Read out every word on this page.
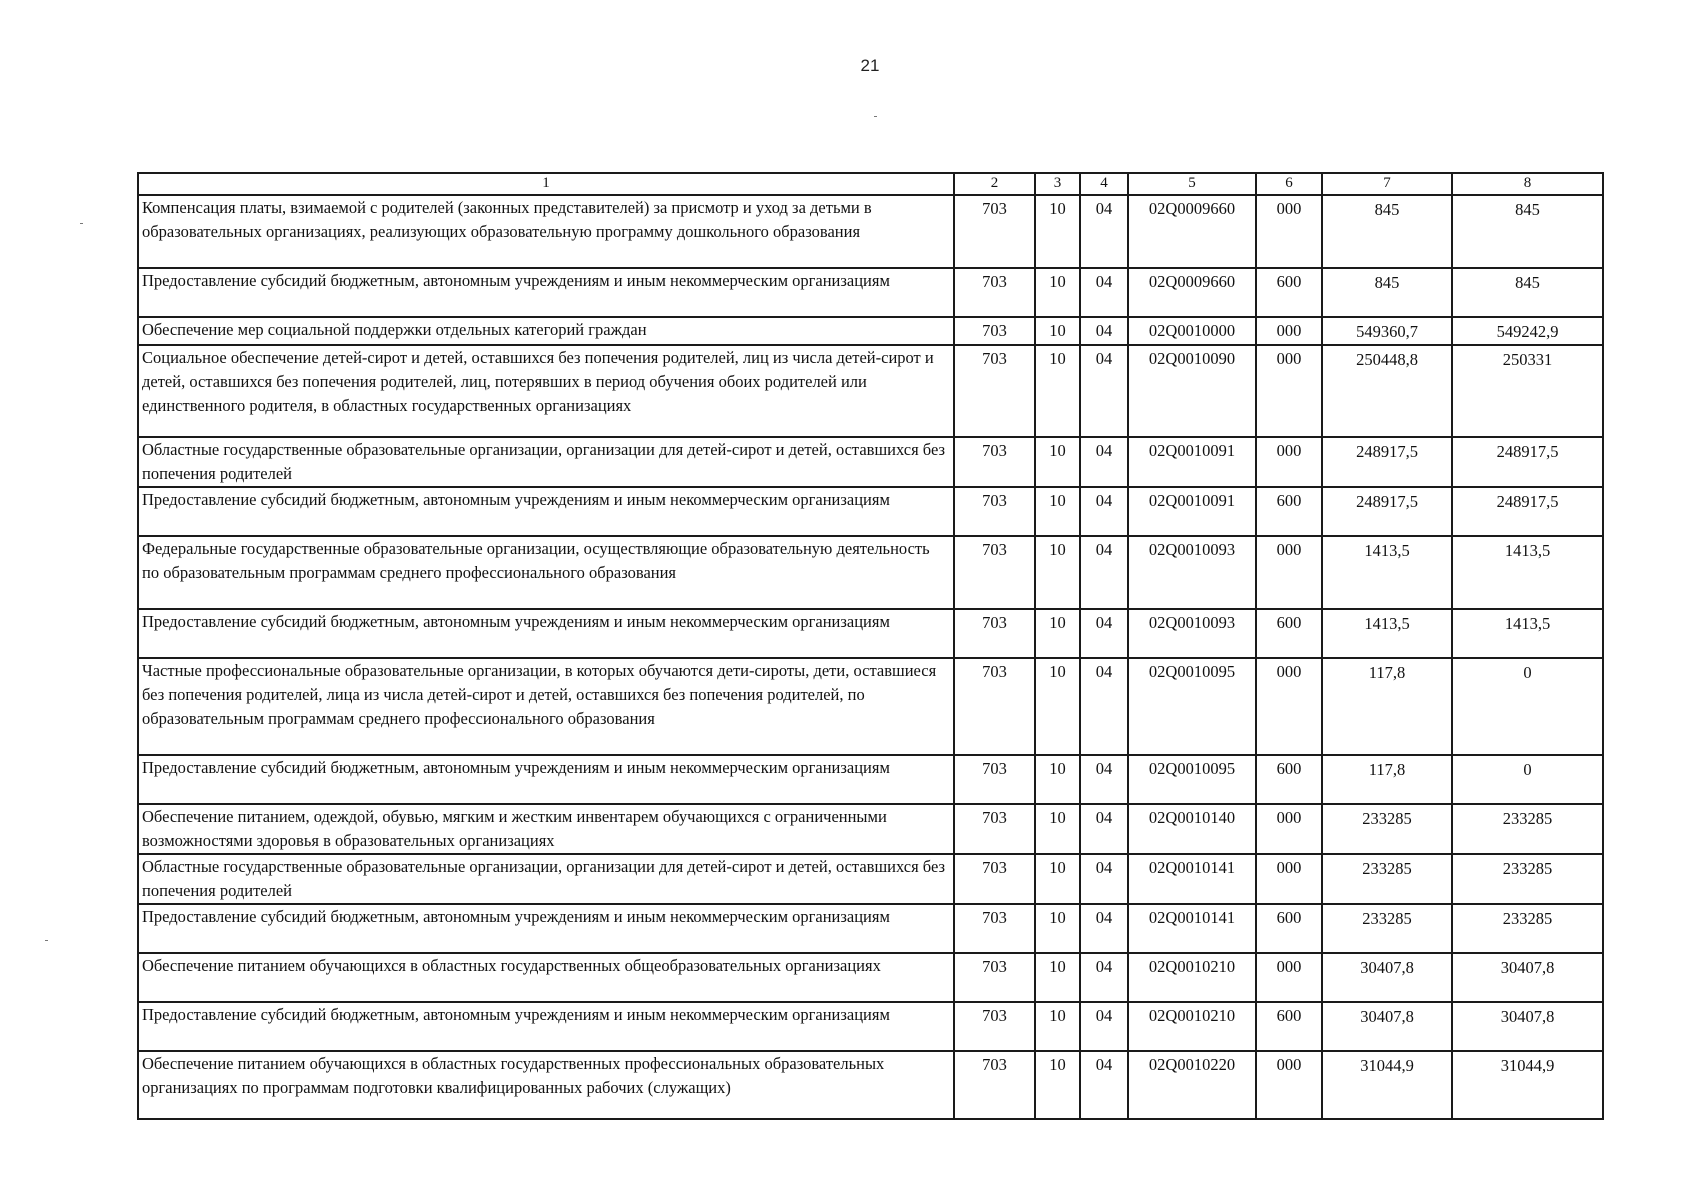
21
1	2	3	4	5	6	7	8
Компенсация платы, взимаемой с родителей (законных представителей) за присмотр и уход за детьми в образовательных организациях, реализующих образовательную программу дошкольного образования	703	10	04	02Q0009660	000	845	845
Предоставление субсидий бюджетным, автономным учреждениям и иным некоммерческим организациям	703	10	04	02Q0009660	600	845	845
Обеспечение мер социальной поддержки отдельных категорий граждан	703	10	04	02Q0010000	000	549360,7	549242,9
Социальное обеспечение детей-сирот и детей, оставшихся без попечения родителей, лиц из числа детей-сирот и детей, оставшихся без попечения родителей, лиц, потерявших в период обучения обоих родителей или единственного родителя, в областных государственных организациях	703	10	04	02Q0010090	000	250448,8	250331
Областные государственные образовательные организации, организации для детей-сирот и детей, оставшихся без попечения родителей	703	10	04	02Q0010091	000	248917,5	248917,5
Предоставление субсидий бюджетным, автономным учреждениям и иным некоммерческим организациям	703	10	04	02Q0010091	600	248917,5	248917,5
Федеральные государственные образовательные организации, осуществляющие образовательную деятельность по образовательным программам среднего профессионального образования	703	10	04	02Q0010093	000	1413,5	1413,5
Предоставление субсидий бюджетным, автономным учреждениям и иным некоммерческим организациям	703	10	04	02Q0010093	600	1413,5	1413,5
Частные профессиональные образовательные организации, в которых обучаются дети-сироты, дети, оставшиеся без попечения родителей, лица из числа детей-сирот и детей, оставшихся без попечения родителей, по образовательным программам среднего профессионального образования	703	10	04	02Q0010095	000	117,8	0
Предоставление субсидий бюджетным, автономным учреждениям и иным некоммерческим организациям	703	10	04	02Q0010095	600	117,8	0
Обеспечение питанием, одеждой, обувью, мягким и жестким инвентарем обучающихся с ограниченными возможностями здоровья в образовательных организациях	703	10	04	02Q0010140	000	233285	233285
Областные государственные образовательные организации, организации для детей-сирот и детей, оставшихся без попечения родителей	703	10	04	02Q0010141	000	233285	233285
Предоставление субсидий бюджетным, автономным учреждениям и иным некоммерческим организациям	703	10	04	02Q0010141	600	233285	233285
Обеспечение питанием обучающихся в областных государственных общеобразовательных организациях	703	10	04	02Q0010210	000	30407,8	30407,8
Предоставление субсидий бюджетным, автономным учреждениям и иным некоммерческим организациям	703	10	04	02Q0010210	600	30407,8	30407,8
Обеспечение питанием обучающихся в областных государственных профессиональных образовательных организациях по программам подготовки квалифицированных рабочих (служащих)	703	10	04	02Q0010220	000	31044,9	31044,9
